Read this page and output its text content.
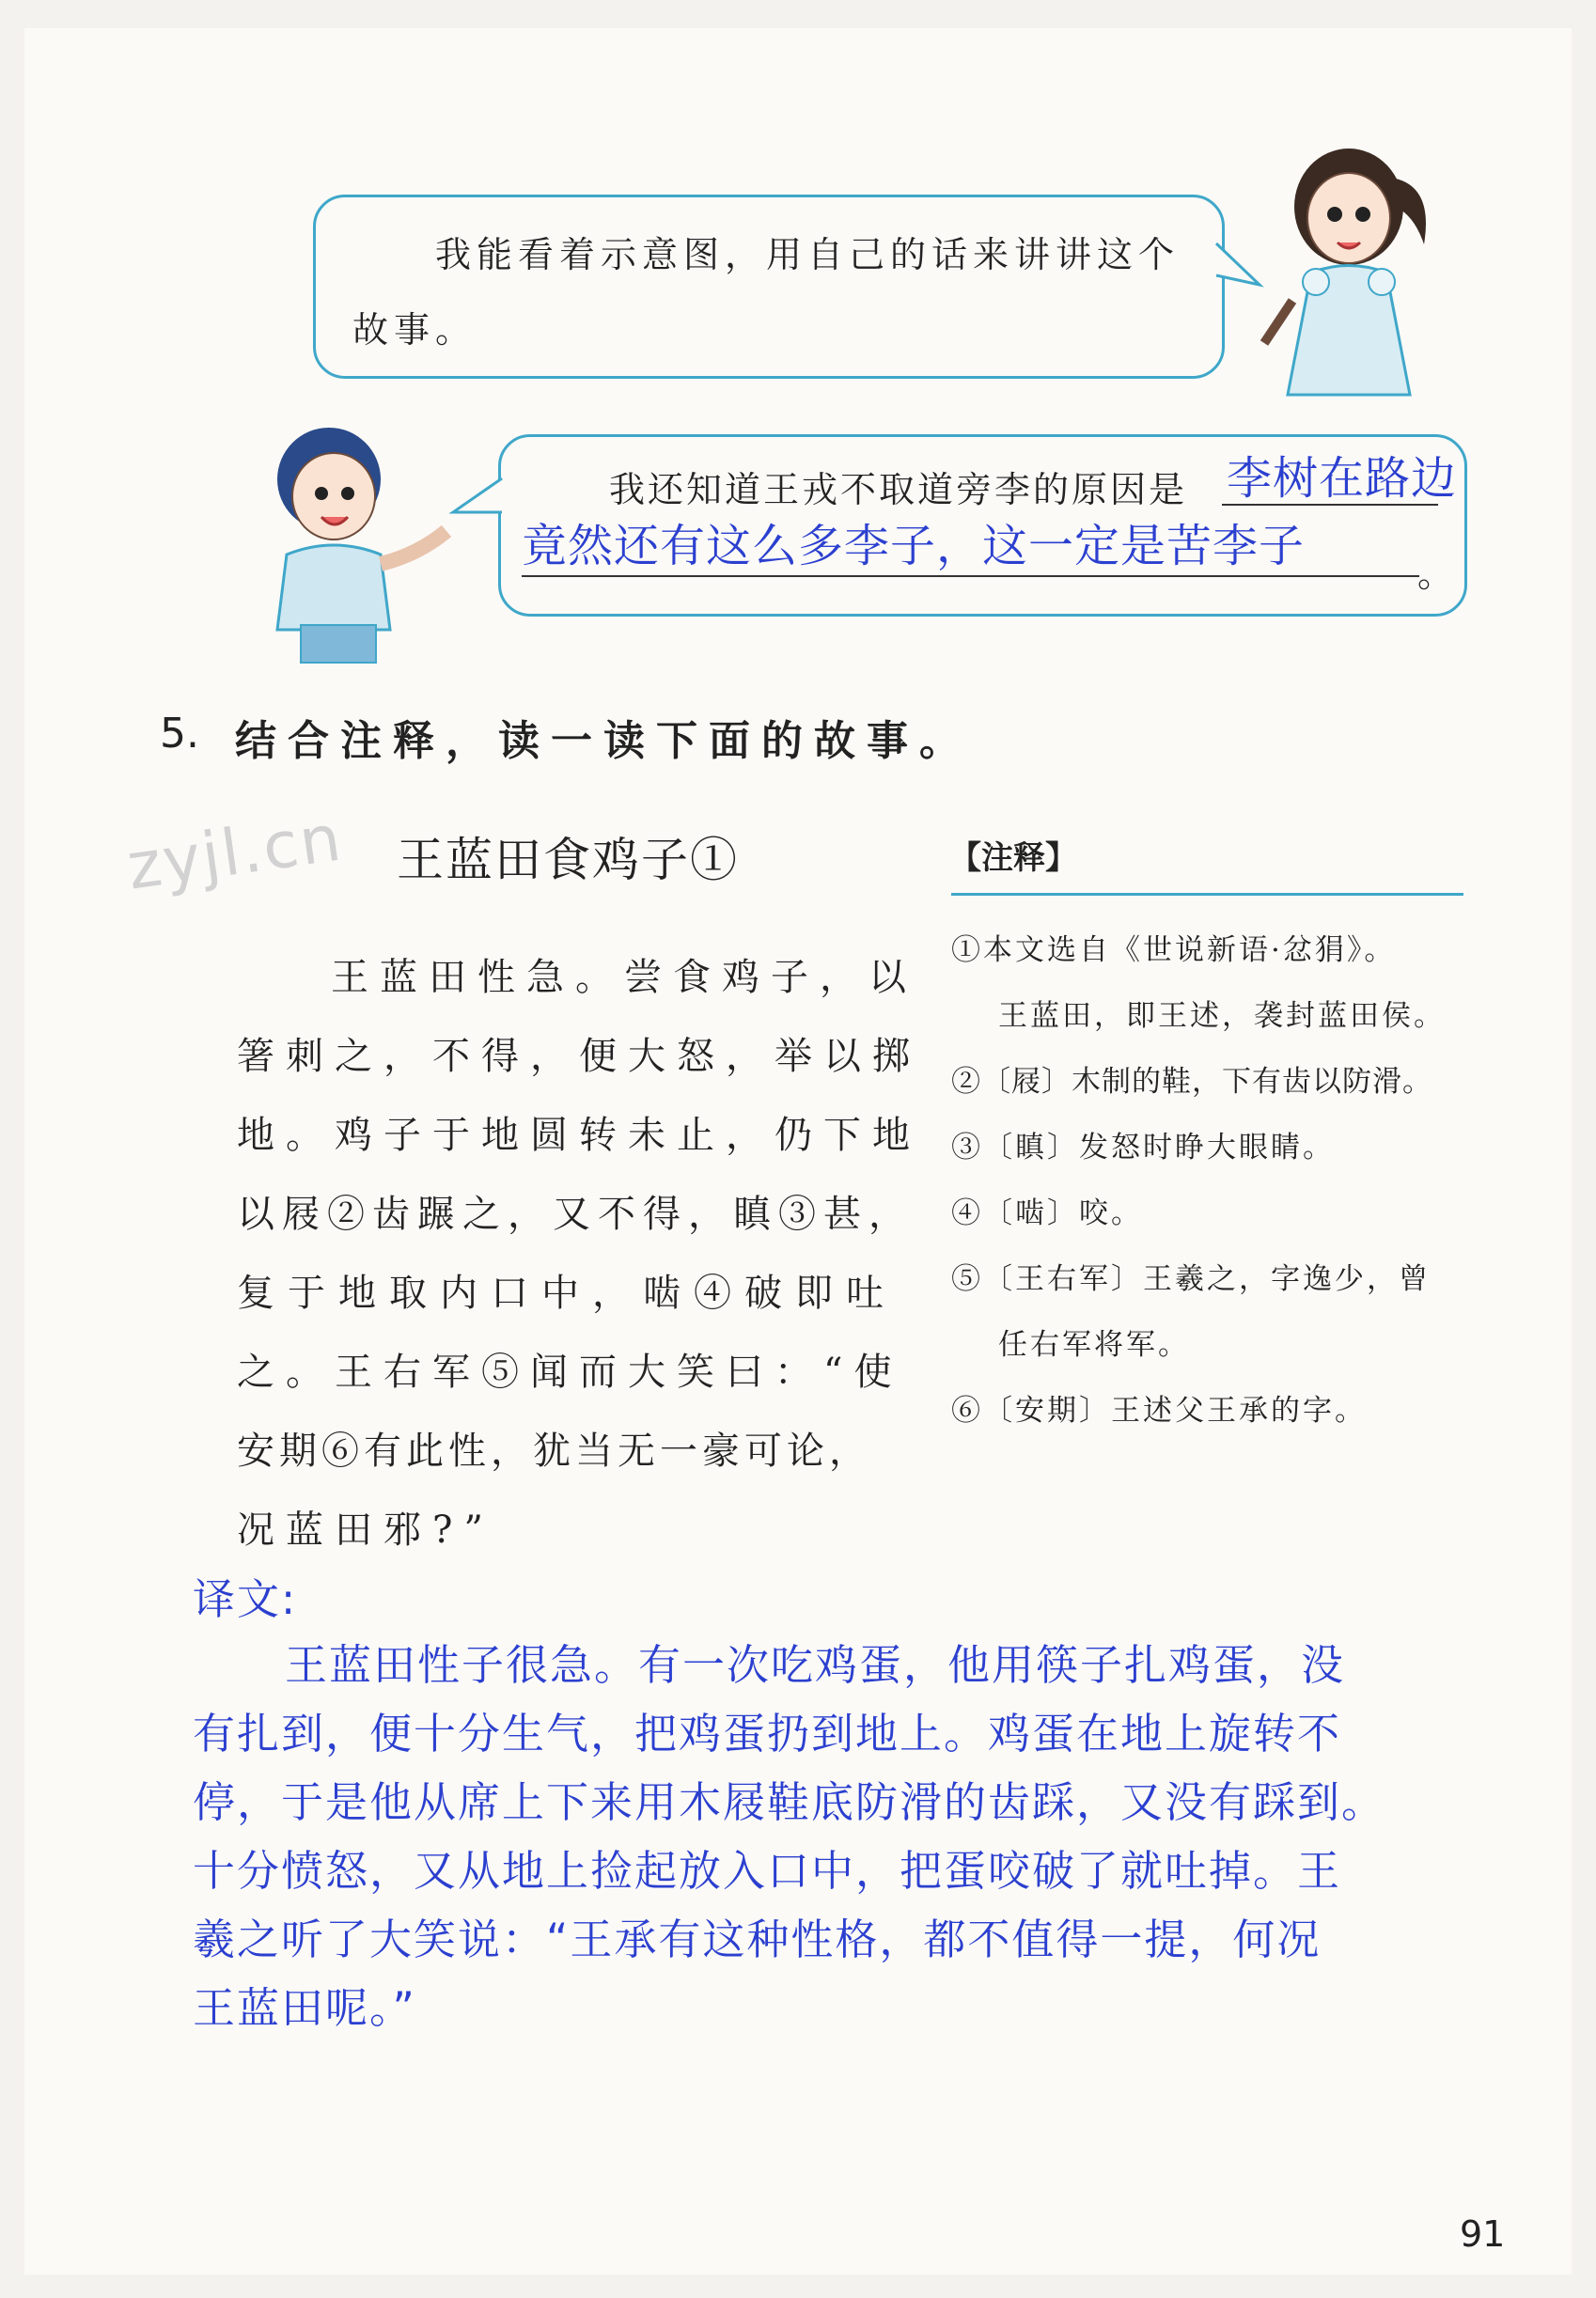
我能看着示意图，用自己的话来讲讲这个
故事。
我还知道王戎不取道旁李的原因是 李树在路边
竟然还有这么多李子，这一定是苦李子
。
5. 结合注释，读一读下面的故事。
zyjl.cn 王蓝田食鸡子①
王蓝田性急。尝食鸡子，以
箸刺之，不得，便大怒，举以掷
地。鸡子于地圆转未止，仍下地
以屐②齿蹍之，又不得，瞋③甚，
复于地取内口中，啮④破即吐
之。王右军⑤闻而大笑曰：“使
安期⑥有此性，犹当无一豪可论，
况蓝田邪?”
【注释】
①本文选自《世说新语·忿狷》。
王蓝田，即王述，袭封蓝田侯。
②〔屐〕木制的鞋，下有齿以防滑。
③〔瞋〕发怒时睁大眼睛。
④〔啮〕咬。
⑤〔王右军〕王羲之，字逸少，曾
任右军将军。
⑥〔安期〕王述父王承的字。
译文:
王蓝田性子很急。有一次吃鸡蛋，他用筷子扎鸡蛋，没
有扎到，便十分生气，把鸡蛋扔到地上。鸡蛋在地上旋转不
停，于是他从席上下来用木屐鞋底防滑的齿踩，又没有踩到。
十分愤怒，又从地上捡起放入口中，把蛋咬破了就吐掉。王
羲之听了大笑说：“王承有这种性格，都不值得一提，何况
王蓝田呢。”
91
